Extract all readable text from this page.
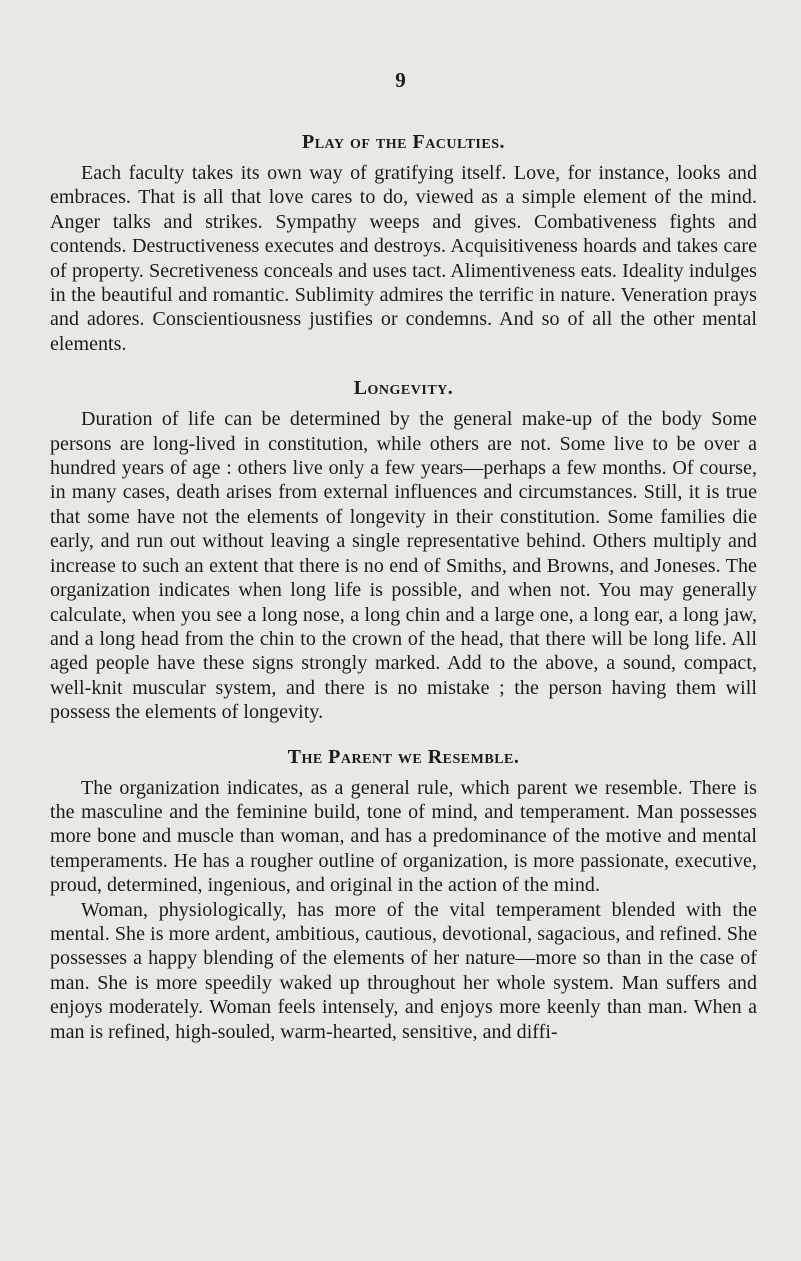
9
Play of the Faculties.

Each faculty takes its own way of gratifying itself. Love, for instance, looks and embraces. That is all that love cares to do, viewed as a simple element of the mind. Anger talks and strikes. Sympathy weeps and gives. Combativeness fights and contends. Destructiveness executes and destroys. Acquisitiveness hoards and takes care of property. Secretiveness conceals and uses tact. Alimentiveness eats. Ideality indulges in the beautiful and romantic. Sublimity admires the terrific in nature. Veneration prays and adores. Conscientiousness justifies or condemns. And so of all the other mental elements.

Longevity.

Duration of life can be determined by the general make-up of the body Some persons are long-lived in constitution, while others are not. Some live to be over a hundred years of age : others live only a few years—perhaps a few months. Of course, in many cases, death arises from external influences and circumstances. Still, it is true that some have not the elements of longevity in their constitution. Some families die early, and run out without leaving a single representative behind. Others multiply and increase to such an extent that there is no end of Smiths, and Browns, and Joneses. The organization indicates when long life is possible, and when not. You may generally calculate, when you see a long nose, a long chin and a large one, a long ear, a long jaw, and a long head from the chin to the crown of the head, that there will be long life. All aged people have these signs strongly marked. Add to the above, a sound, compact, well-knit muscular system, and there is no mistake ; the person having them will possess the elements of longevity.

The Parent we Resemble.

The organization indicates, as a general rule, which parent we resemble. There is the masculine and the feminine build, tone of mind, and temperament. Man possesses more bone and muscle than woman, and has a predominance of the motive and mental temperaments. He has a rougher outline of organization, is more passionate, executive, proud, determined, ingenious, and original in the action of the mind.

Woman, physiologically, has more of the vital temperament blended with the mental. She is more ardent, ambitious, cautious, devotional, sagacious, and refined. She possesses a happy blending of the elements of her nature—more so than in the case of man. She is more speedily waked up throughout her whole system. Man suffers and enjoys moderately. Woman feels intensely, and enjoys more keenly than man. When a man is refined, high-souled, warm-hearted, sensitive, and diffi-
